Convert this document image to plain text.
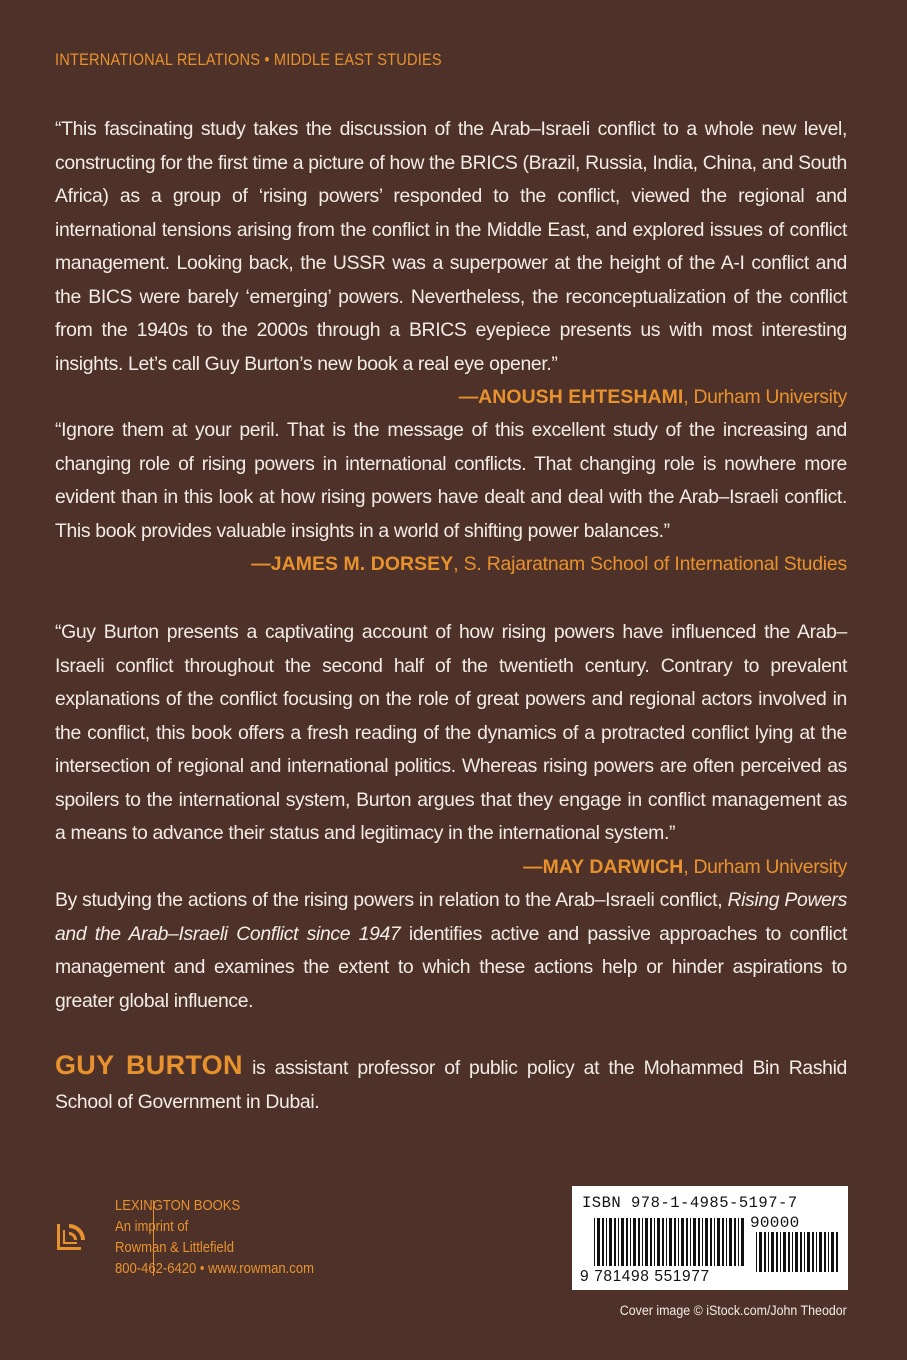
INTERNATIONAL RELATIONS • MIDDLE EAST STUDIES

“This fascinating study takes the discussion of the Arab–Israeli conflict to a whole new level, constructing for the first time a picture of how the BRICS (Brazil, Russia, India, China, and South Africa) as a group of ‘rising powers’ responded to the conflict, viewed the regional and international tensions arising from the conflict in the Middle East, and explored issues of conflict management. Looking back, the USSR was a superpower at the height of the A-I conflict and the BICS were barely ‘emerging’ powers. Nevertheless, the reconceptualization of the conflict from the 1940s to the 2000s through a BRICS eyepiece presents us with most interesting insights. Let’s call Guy Burton’s new book a real eye opener.”
—ANOUSH EHTESHAMI, Durham University

“Ignore them at your peril. That is the message of this excellent study of the increasing and changing role of rising powers in international conflicts. That changing role is nowhere more evident than in this look at how rising powers have dealt and deal with the Arab–Israeli conflict. This book provides valuable insights in a world of shifting power balances.”

—JAMES M. DORSEY, S. Rajaratnam School of International Studies

“Guy Burton presents a captivating account of how rising powers have influenced the Arab–Israeli conflict throughout the second half of the twentieth century. Contrary to prevalent explanations of the conflict focusing on the role of great powers and regional actors involved in the conflict, this book offers a fresh reading of the dynamics of a protracted conflict lying at the intersection of regional and international politics. Whereas rising powers are often perceived as spoilers to the international system, Burton argues that they engage in conflict management as a means to advance their status and legitimacy in the international system.”
—MAY DARWICH, Durham University

By studying the actions of the rising powers in relation to the Arab–Israeli conflict, Rising Powers and the Arab–Israeli Conflict since 1947 identifies active and passive approaches to conflict management and examines the extent to which these actions help or hinder aspirations to greater global influence.

GUY BURTON is assistant professor of public policy at the Mohammed Bin Rashid School of Government in Dubai.

LEXINGTON BOOKS
An imprint of
Rowman & Littlefield
800-462-6420 • www.rowman.com
ISBN 978-1-4985-5197-7
90000
9 781498 551977
Cover image © iStock.com/John Theodor
